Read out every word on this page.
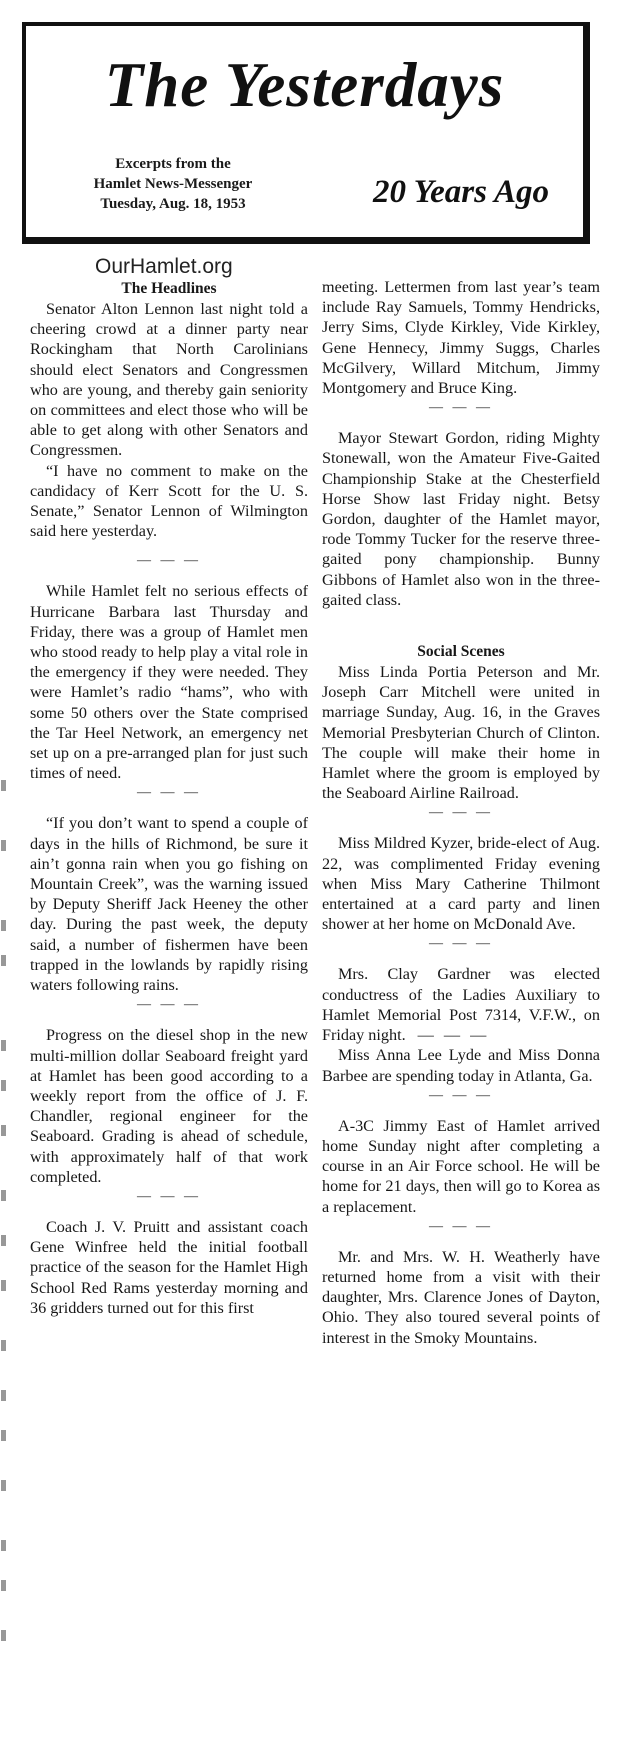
The Yesterdays
Excerpts from the
Hamlet News-Messenger
Tuesday, Aug. 18, 1953	20 Years Ago
OurHamlet.org
The Headlines

Senator Alton Lennon last night told a cheering crowd at a dinner party near Rockingham that North Carolinians should elect Senators and Congressmen who are young, and thereby gain seniority on committees and elect those who will be able to get along with other Senators and Congressmen.

“I have no comment to make on the candidacy of Kerr Scott for the U. S. Senate,” Senator Lennon of Wilmington said here yesterday.

— — —

While Hamlet felt no serious effects of Hurricane Barbara last Thursday and Friday, there was a group of Hamlet men who stood ready to help play a vital role in the emergency if they were needed. They were Hamlet’s radio “hams”, who with some 50 others over the State comprised the Tar Heel Network, an emergency net set up on a pre-arranged plan for just such times of need.

— — —

“If you don’t want to spend a couple of days in the hills of Richmond, be sure it ain’t gonna rain when you go fishing on Mountain Creek”, was the warning issued by Deputy Sheriff Jack Heeney the other day. During the past week, the deputy said, a number of fishermen have been trapped in the lowlands by rapidly rising waters following rains.

— — —

Progress on the diesel shop in the new multi-million dollar Seaboard freight yard at Hamlet has been good according to a weekly report from the office of J. F. Chandler, regional engineer for the Seaboard. Grading is ahead of schedule, with approximately half of that work completed.

— — —

Coach J. V. Pruitt and assistant coach Gene Winfree held the initial football practice of the season for the Hamlet High School Red Rams yesterday morning and 36 gridders turned out for this first

meeting. Lettermen from last year’s team include Ray Samuels, Tommy Hendricks, Jerry Sims, Clyde Kirkley, Vide Kirkley, Gene Hennecy, Jimmy Suggs, Charles McGilvery, Willard Mitchum, Jimmy Montgomery and Bruce King.

— — —

Mayor Stewart Gordon, riding Mighty Stonewall, won the Amateur Five-Gaited Championship Stake at the Chesterfield Horse Show last Friday night. Betsy Gordon, daughter of the Hamlet mayor, rode Tommy Tucker for the reserve three-gaited pony championship. Bunny Gibbons of Hamlet also won in the three-gaited class.

Social Scenes

Miss Linda Portia Peterson and Mr. Joseph Carr Mitchell were united in marriage Sunday, Aug. 16, in the Graves Memorial Presbyterian Church of Clinton. The couple will make their home in Hamlet where the groom is employed by the Seaboard Airline Railroad.

— — —

Miss Mildred Kyzer, bride-elect of Aug. 22, was complimented Friday evening when Miss Mary Catherine Thilmont entertained at a card party and linen shower at her home on McDonald Ave.

— — —

Mrs. Clay Gardner was elected conductress of the Ladies Auxiliary to Hamlet Memorial Post 7314, V.F.W., on Friday night. — — —

Miss Anna Lee Lyde and Miss Donna Barbee are spending today in Atlanta, Ga.

— — —

A-3C Jimmy East of Hamlet arrived home Sunday night after completing a course in an Air Force school. He will be home for 21 days, then will go to Korea as a replacement.

— — —

Mr. and Mrs. W. H. Weatherly have returned home from a visit with their daughter, Mrs. Clarence Jones of Dayton, Ohio. They also toured several points of interest in the Smoky Mountains.
